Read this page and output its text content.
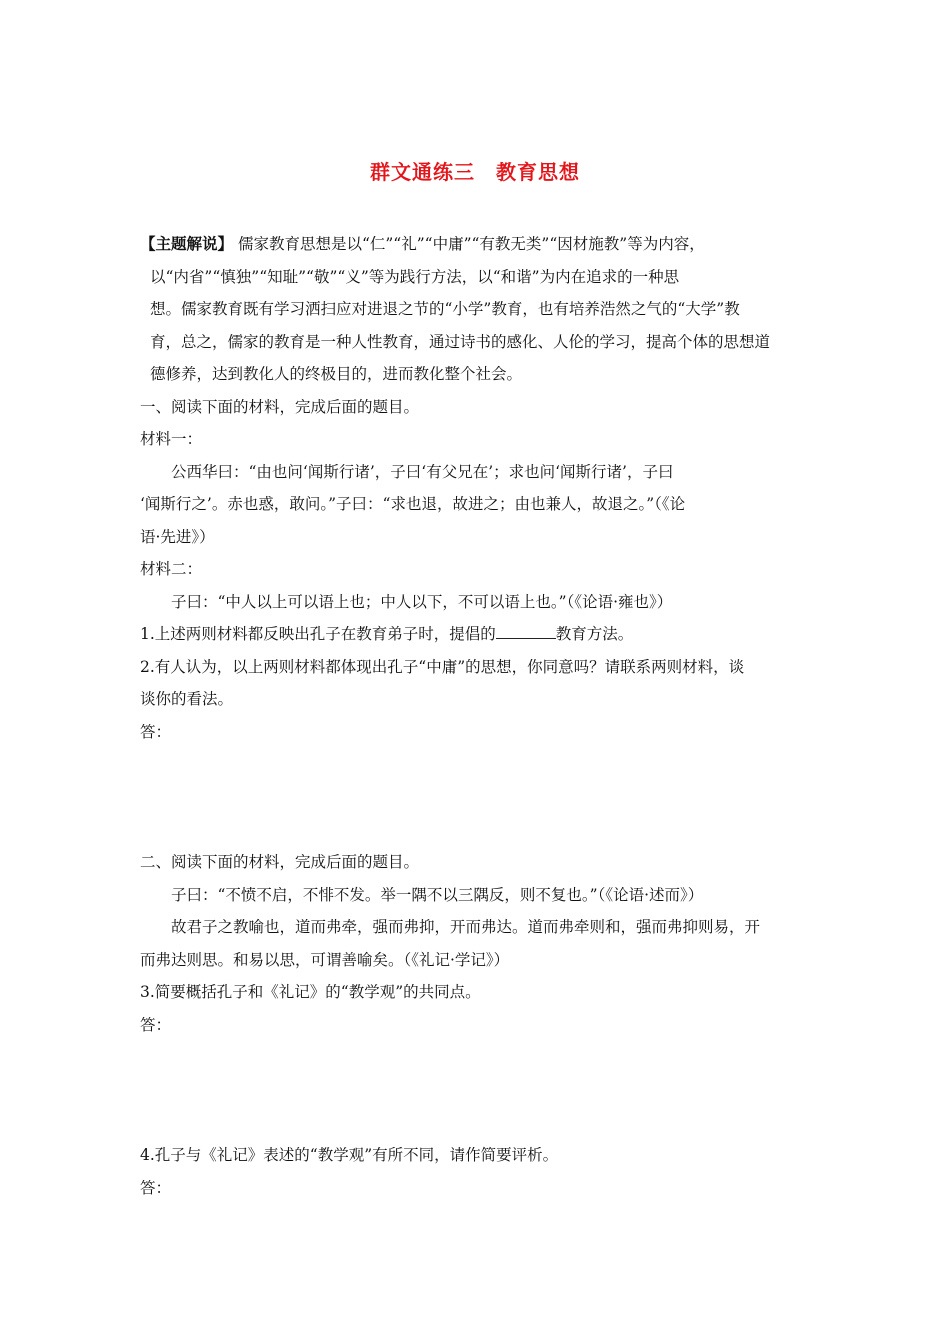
群文通练三　教育思想

【主题解说】 儒家教育思想是以“仁”“礼”“中庸”“有教无类”“因材施教”等为内容，

以“内省”“慎独”“知耻”“敬”“义”等为践行方法，以“和谐”为内在追求的一种思

想。儒家教育既有学习洒扫应对进退之节的“小学”教育，也有培养浩然之气的“大学”教

育，总之，儒家的教育是一种人性教育，通过诗书的感化、人伦的学习，提高个体的思想道

德修养，达到教化人的终极目的，进而教化整个社会。

一、阅读下面的材料，完成后面的题目。

材料一：

公西华曰：“由也问‘闻斯行诸’，子曰‘有父兄在’；求也问‘闻斯行诸’，子曰

‘闻斯行之’。赤也惑，敢问。”子曰：“求也退，故进之；由也兼人，故退之。”（《论

语·先进》）

材料二：

子曰：“中人以上可以语上也；中人以下，不可以语上也。”（《论语·雍也》）

1.上述两则材料都反映出孔子在教育弟子时，提倡的	教育方法。

2.有人认为，以上两则材料都体现出孔子“中庸”的思想，你同意吗？请联系两则材料，谈

谈你的看法。

答：

二、阅读下面的材料，完成后面的题目。

子曰：“不愤不启，不悱不发。举一隅不以三隅反，则不复也。”（《论语·述而》）

故君子之教喻也，道而弗牵，强而弗抑，开而弗达。道而弗牵则和，强而弗抑则易，开

而弗达则思。和易以思，可谓善喻矣。（《礼记·学记》）

3.简要概括孔子和《礼记》的“教学观”的共同点。

答：

4.孔子与《礼记》表述的“教学观”有所不同，请作简要评析。

答：
